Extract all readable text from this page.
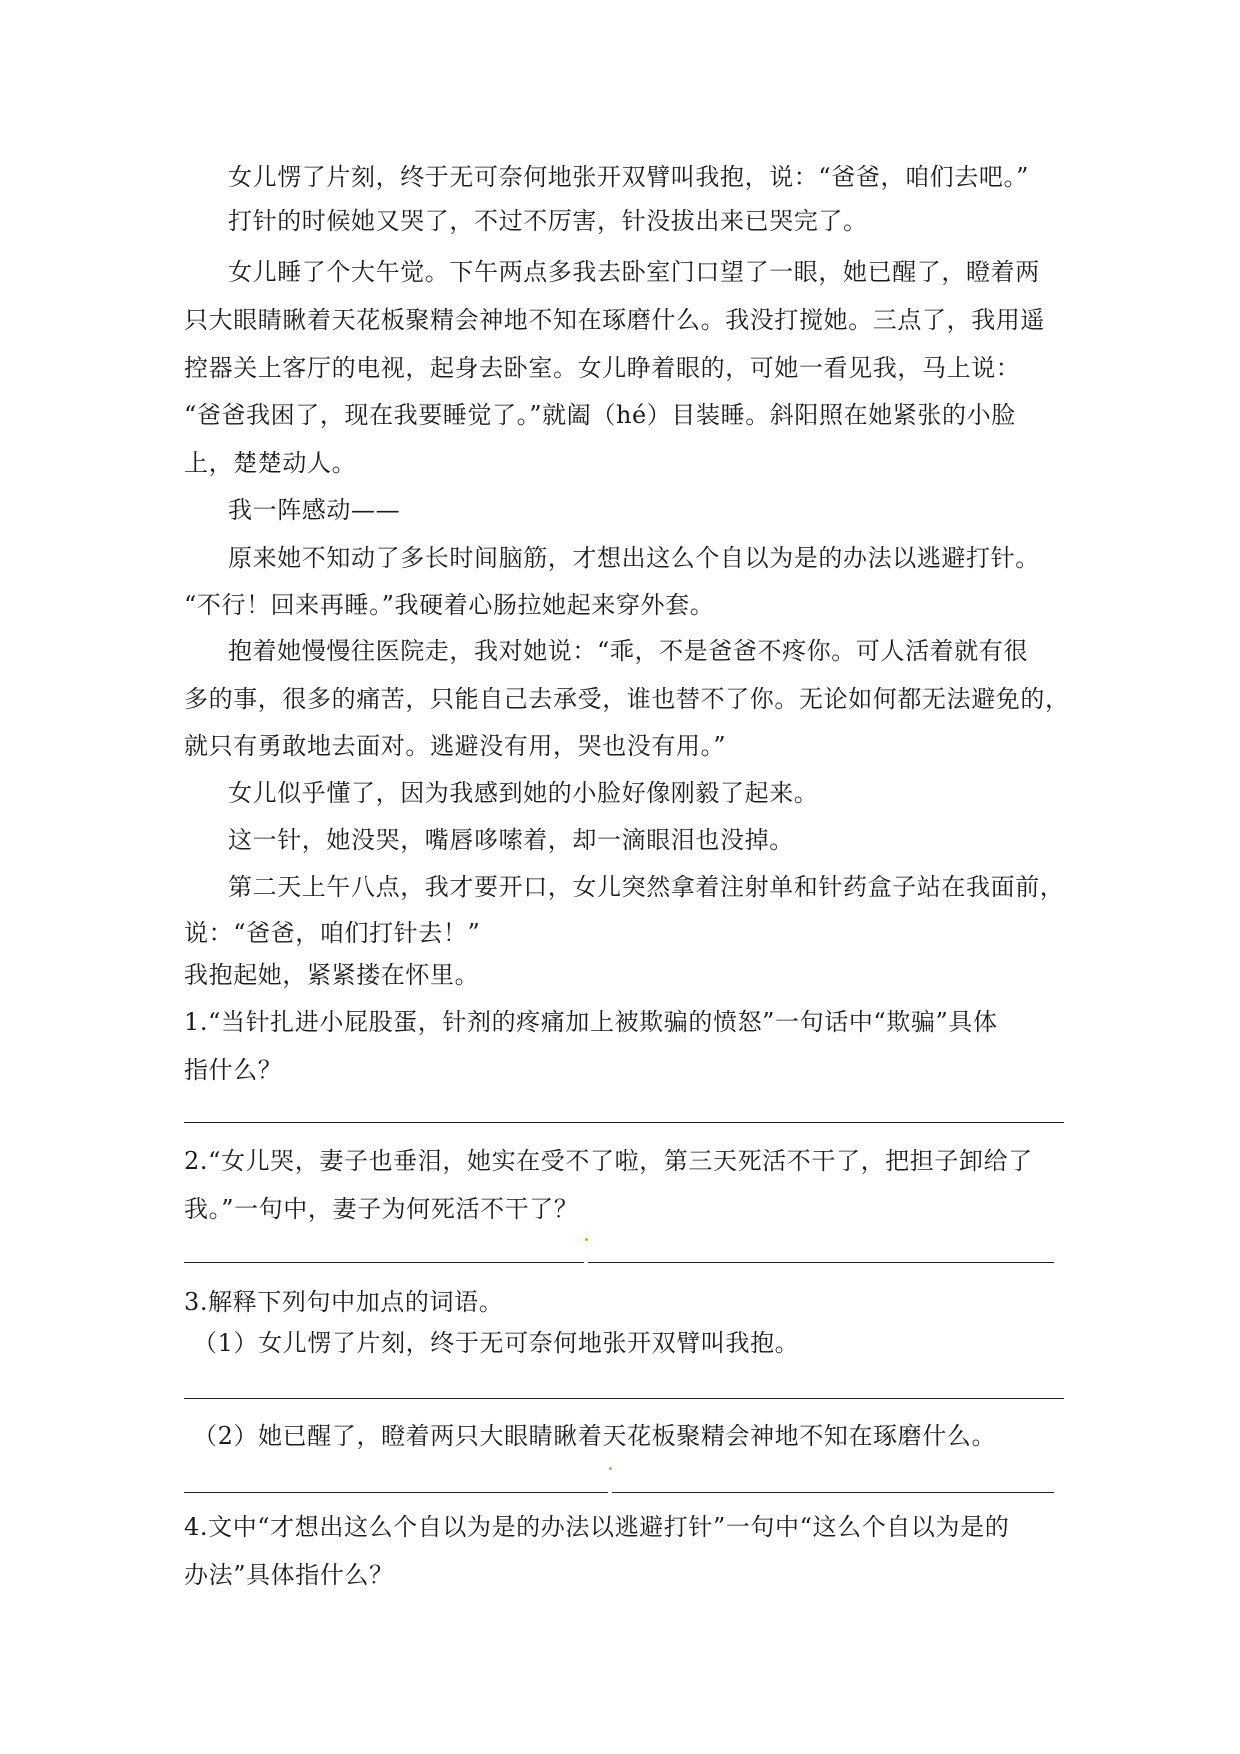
女儿愣了片刻，终于无可奈何地张开双臂叫我抱，说：“爸爸，咱们去吧。”
打针的时候她又哭了，不过不厉害，针没拔出来已哭完了。
女儿睡了个大午觉。下午两点多我去卧室门口望了一眼，她已醒了，瞪着两
只大眼睛瞅着天花板聚精会神地不知在琢磨什么。我没打搅她。三点了，我用遥
控器关上客厅的电视，起身去卧室。女儿睁着眼的，可她一看见我，马上说：
“爸爸我困了，现在我要睡觉了。”就阖（hé）目装睡。斜阳照在她紧张的小脸
上，楚楚动人。
我一阵感动——
原来她不知动了多长时间脑筋，才想出这么个自以为是的办法以逃避打针。
“不行！回来再睡。”我硬着心肠拉她起来穿外套。
抱着她慢慢往医院走，我对她说：“乖，不是爸爸不疼你。可人活着就有很
多的事，很多的痛苦，只能自己去承受，谁也替不了你。无论如何都无法避免的，
就只有勇敢地去面对。逃避没有用，哭也没有用。”
女儿似乎懂了，因为我感到她的小脸好像刚毅了起来。
这一针，她没哭，嘴唇哆嗦着，却一滴眼泪也没掉。
第二天上午八点，我才要开口，女儿突然拿着注射单和针药盒子站在我面前，
说：“爸爸，咱们打针去！”
我抱起她，紧紧搂在怀里。
1.“当针扎进小屁股蛋，针剂的疼痛加上被欺骗的愤怒”一句话中“欺骗”具体
指什么？
2.“女儿哭，妻子也垂泪，她实在受不了啦，第三天死活不干了，把担子卸给了
我。”一句中，妻子为何死活不干了？
3.解释下列句中加点的词语。
（1）女儿愣了片刻，终于无可奈何地张开双臂叫我抱。
（2）她已醒了，瞪着两只大眼睛瞅着天花板聚精会神地不知在琢磨什么。
4.文中“才想出这么个自以为是的办法以逃避打针”一句中“这么个自以为是的
办法”具体指什么？
